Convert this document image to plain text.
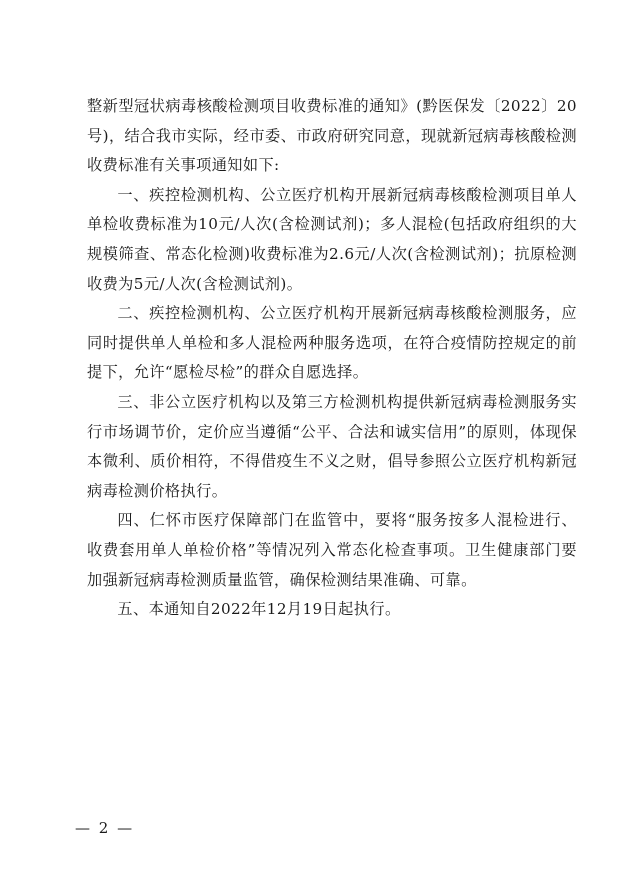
整新型冠状病毒核酸检测项目收费标准的通知》(黔医保发〔2022〕20号)，结合我市实际，经市委、市政府研究同意，现就新冠病毒核酸检测收费标准有关事项通知如下:

一、疾控检测机构、公立医疗机构开展新冠病毒核酸检测项目单人单检收费标准为10元/人次(含检测试剂)；多人混检(包括政府组织的大规模筛查、常态化检测)收费标准为2.6元/人次(含检测试剂)；抗原检测收费为5元/人次(含检测试剂)。

二、疾控检测机构、公立医疗机构开展新冠病毒核酸检测服务，应同时提供单人单检和多人混检两种服务选项，在符合疫情防控规定的前提下，允许“愿检尽检”的群众自愿选择。

三、非公立医疗机构以及第三方检测机构提供新冠病毒检测服务实行市场调节价，定价应当遵循“公平、合法和诚实信用”的原则，体现保本微利、质价相符，不得借疫生不义之财，倡导参照公立医疗机构新冠病毒检测价格执行。

四、仁怀市医疗保障部门在监管中，要将“服务按多人混检进行、收费套用单人单检价格”等情况列入常态化检查事项。卫生健康部门要加强新冠病毒检测质量监管，确保检测结果准确、可靠。

五、本通知自2022年12月19日起执行。

— 2 —
